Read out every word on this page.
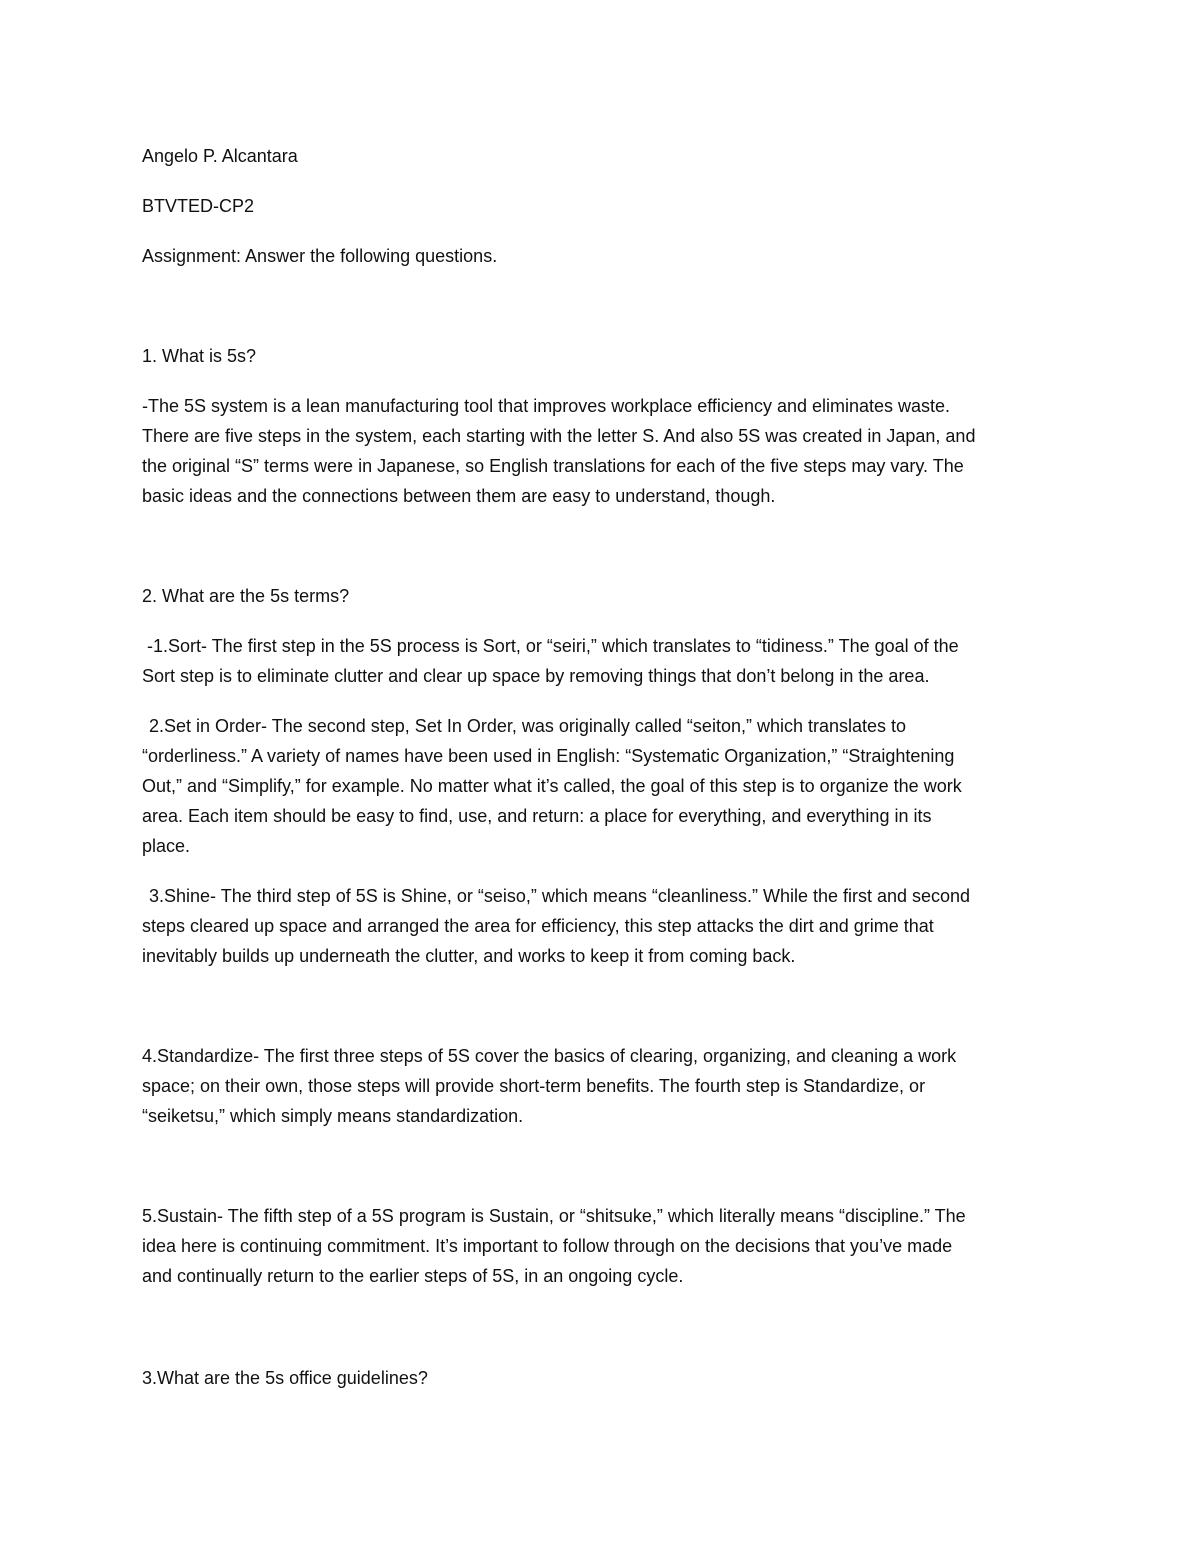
Angelo P. Alcantara
BTVTED-CP2
Assignment: Answer the following questions.
1. What is 5s?
-The 5S system is a lean manufacturing tool that improves workplace efficiency and eliminates waste.
There are five steps in the system, each starting with the letter S. And also 5S was created in Japan, and
the original “S” terms were in Japanese, so English translations for each of the five steps may vary. The
basic ideas and the connections between them are easy to understand, though.
2. What are the 5s terms?
-1.Sort- The first step in the 5S process is Sort, or “seiri,” which translates to “tidiness.” The goal of the
Sort step is to eliminate clutter and clear up space by removing things that don’t belong in the area.
2.Set in Order- The second step, Set In Order, was originally called “seiton,” which translates to
“orderliness.” A variety of names have been used in English: “Systematic Organization,” “Straightening
Out,” and “Simplify,” for example. No matter what it’s called, the goal of this step is to organize the work
area. Each item should be easy to find, use, and return: a place for everything, and everything in its
place.
3.Shine- The third step of 5S is Shine, or “seiso,” which means “cleanliness.” While the first and second
steps cleared up space and arranged the area for efficiency, this step attacks the dirt and grime that
inevitably builds up underneath the clutter, and works to keep it from coming back.
4.Standardize- The first three steps of 5S cover the basics of clearing, organizing, and cleaning a work
space; on their own, those steps will provide short-term benefits. The fourth step is Standardize, or
“seiketsu,” which simply means standardization.
5.Sustain- The fifth step of a 5S program is Sustain, or “shitsuke,” which literally means “discipline.” The
idea here is continuing commitment. It’s important to follow through on the decisions that you’ve made
and continually return to the earlier steps of 5S, in an ongoing cycle.
3.What are the 5s office guidelines?
